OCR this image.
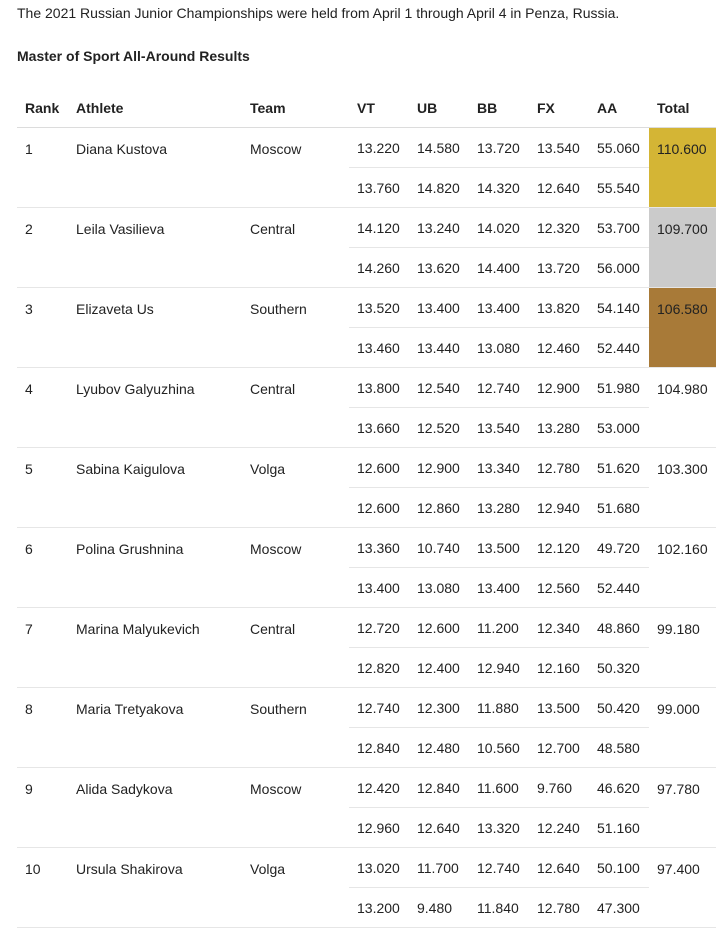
The 2021 Russian Junior Championships were held from April 1 through April 4 in Penza, Russia.

Master of Sport All-Around Results

Rank	Athlete	Team	VT	UB	BB	FX	AA	Total
1	Diana Kustova	Moscow	13.220	14.580	13.720	13.540	55.060	110.600
			13.760	14.820	14.320	12.640	55.540	
2	Leila Vasilieva	Central	14.120	13.240	14.020	12.320	53.700	109.700
			14.260	13.620	14.400	13.720	56.000	
3	Elizaveta Us	Southern	13.520	13.400	13.400	13.820	54.140	106.580
			13.460	13.440	13.080	12.460	52.440	
4	Lyubov Galyuzhina	Central	13.800	12.540	12.740	12.900	51.980	104.980
			13.660	12.520	13.540	13.280	53.000	
5	Sabina Kaigulova	Volga	12.600	12.900	13.340	12.780	51.620	103.300
			12.600	12.860	13.280	12.940	51.680	
6	Polina Grushnina	Moscow	13.360	10.740	13.500	12.120	49.720	102.160
			13.400	13.080	13.400	12.560	52.440	
7	Marina Malyukevich	Central	12.720	12.600	11.200	12.340	48.860	99.180
			12.820	12.400	12.940	12.160	50.320	
8	Maria Tretyakova	Southern	12.740	12.300	11.880	13.500	50.420	99.000
			12.840	12.480	10.560	12.700	48.580	
9	Alida Sadykova	Moscow	12.420	12.840	11.600	9.760	46.620	97.780
			12.960	12.640	13.320	12.240	51.160	
10	Ursula Shakirova	Volga	13.020	11.700	12.740	12.640	50.100	97.400
			13.200	9.480	11.840	12.780	47.300	
